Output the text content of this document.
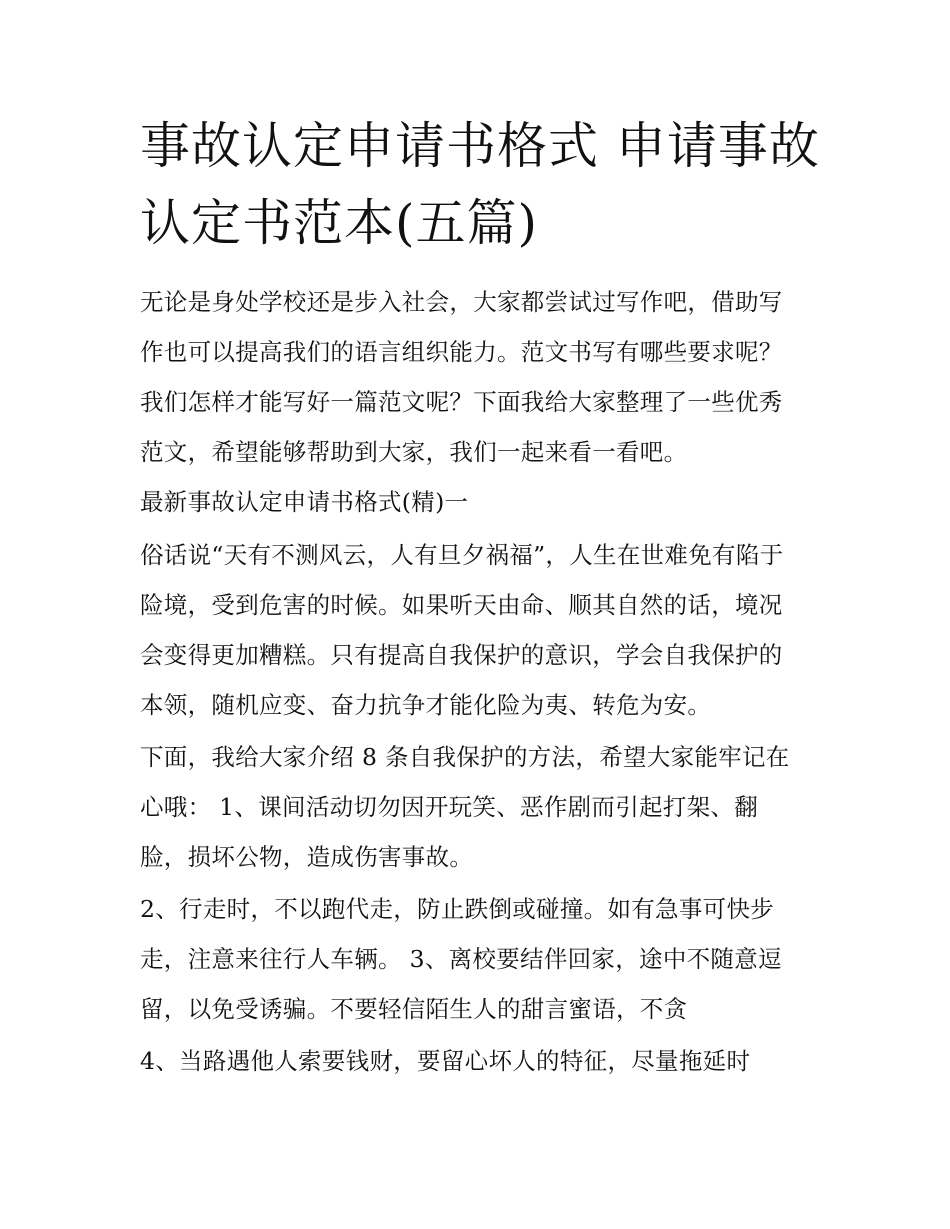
事故认定申请书格式 申请事故认定书范本(五篇)

无论是身处学校还是步入社会，大家都尝试过写作吧，借助写

作也可以提高我们的语言组织能力。范文书写有哪些要求呢？

我们怎样才能写好一篇范文呢？下面我给大家整理了一些优秀

范文，希望能够帮助到大家，我们一起来看一看吧。

最新事故认定申请书格式(精)一

俗话说“天有不测风云，人有旦夕祸福”，人生在世难免有陷于

险境，受到危害的时候。如果听天由命、顺其自然的话，境况

会变得更加糟糕。只有提高自我保护的意识，学会自我保护的

本领，随机应变、奋力抗争才能化险为夷、转危为安。

下面，我给大家介绍 8 条自我保护的方法，希望大家能牢记在

心哦： 1、课间活动切勿因开玩笑、恶作剧而引起打架、翻

脸，损坏公物，造成伤害事故。

2、行走时，不以跑代走，防止跌倒或碰撞。如有急事可快步

走，注意来往行人车辆。 3、离校要结伴回家，途中不随意逗

留，以免受诱骗。不要轻信陌生人的甜言蜜语，不贪

4、当路遇他人索要钱财，要留心坏人的特征，尽量拖延时
